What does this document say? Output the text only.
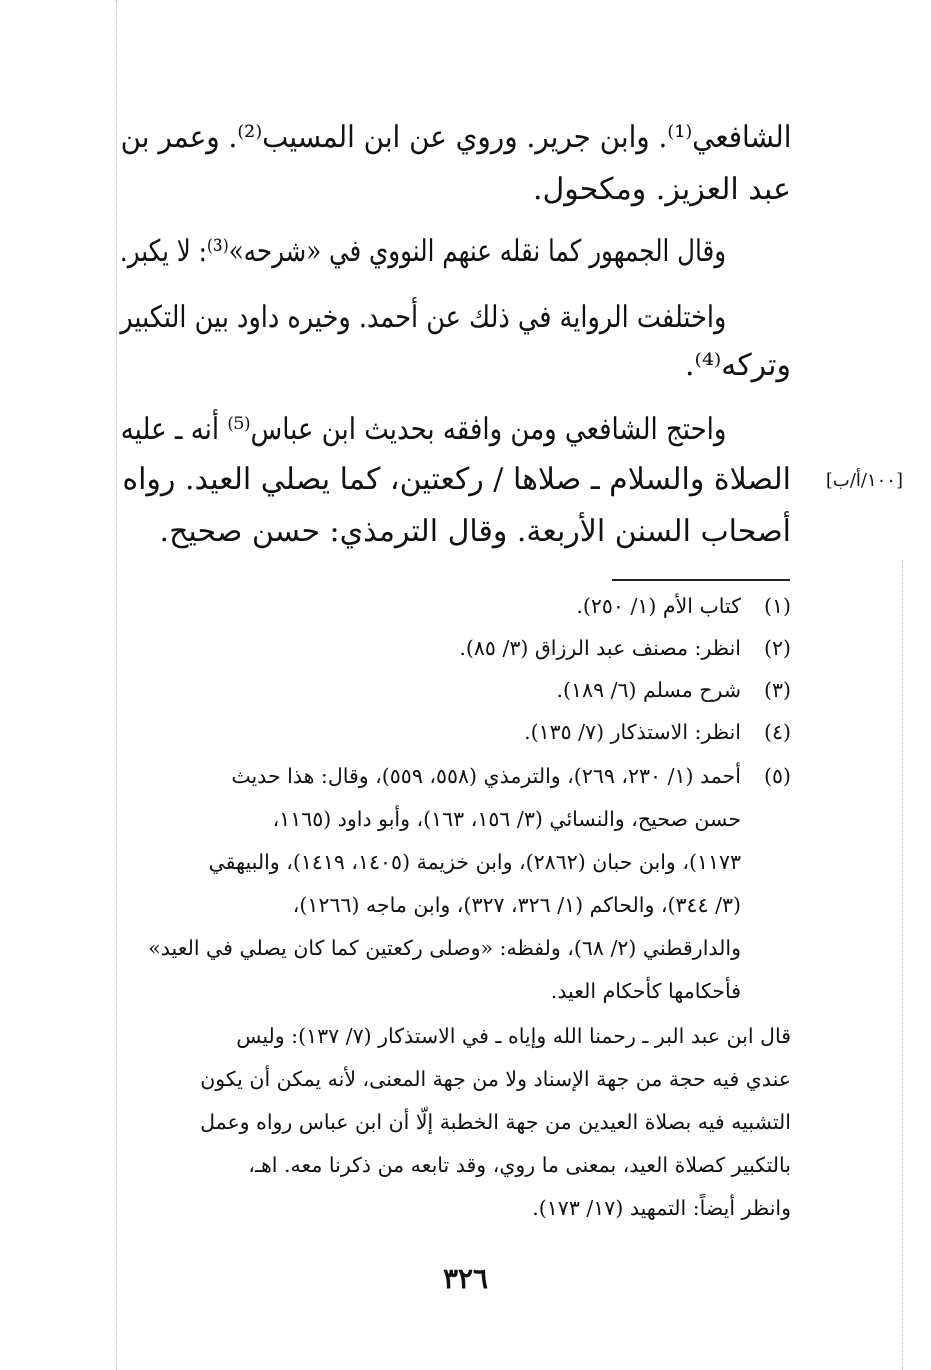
الشافعي⁽¹⁾. وابن جرير. وروي عن ابن المسيب⁽²⁾. وعمر بن
عبد العزيز. ومكحول.
وقال الجمهور كما نقله عنهم النووي في «شرحه»⁽³⁾: لا يكبر.
واختلفت الرواية في ذلك عن أحمد. وخيره داود بين التكبير
وتركه⁽⁴⁾.
واحتج الشافعي ومن وافقه بحديث ابن عباس⁽⁵⁾ أنه ـ عليه
الصلاة والسلام ـ صلاها / ركعتين، كما يصلي العيد. رواه
أصحاب السنن الأربعة. وقال الترمذي: حسن صحيح.
[١٠٠/أ/ب]
(١)
كتاب الأم (١/ ٢٥٠).
(٢)
انظر: مصنف عبد الرزاق (٣/ ٨٥).
(٣)
شرح مسلم (٦/ ١٨٩).
(٤)
انظر: الاستذكار (٧/ ١٣٥).
(٥)
أحمد (١/ ٢٣٠، ٢٦٩)، والترمذي (٥٥٨، ٥٥٩)، وقال: هذا حديث
حسن صحيح، والنسائي (٣/ ١٥٦، ١٦٣)، وأبو داود (١١٦٥،
١١٧٣)، وابن حبان (٢٨٦٢)، وابن خزيمة (١٤٠٥، ١٤١٩)، والبيهقي
(٣/ ٣٤٤)، والحاكم (١/ ٣٢٦، ٣٢٧)، وابن ماجه (١٢٦٦)،
والدارقطني (٢/ ٦٨)، ولفظه: «وصلى ركعتين كما كان يصلي في العيد»
فأحكامها كأحكام العيد.
قال ابن عبد البر ـ رحمنا الله وإياه ـ في الاستذكار (٧/ ١٣٧): وليس
عندي فيه حجة من جهة الإسناد ولا من جهة المعنى، لأنه يمكن أن يكون
التشبيه فيه بصلاة العيدين من جهة الخطبة إلّا أن ابن عباس رواه وعمل
بالتكبير كصلاة العيد، بمعنى ما روي، وقد تابعه من ذكرنا معه. اهـ،
وانظر أيضاً: التمهيد (١٧/ ١٧٣).
٣٢٦
